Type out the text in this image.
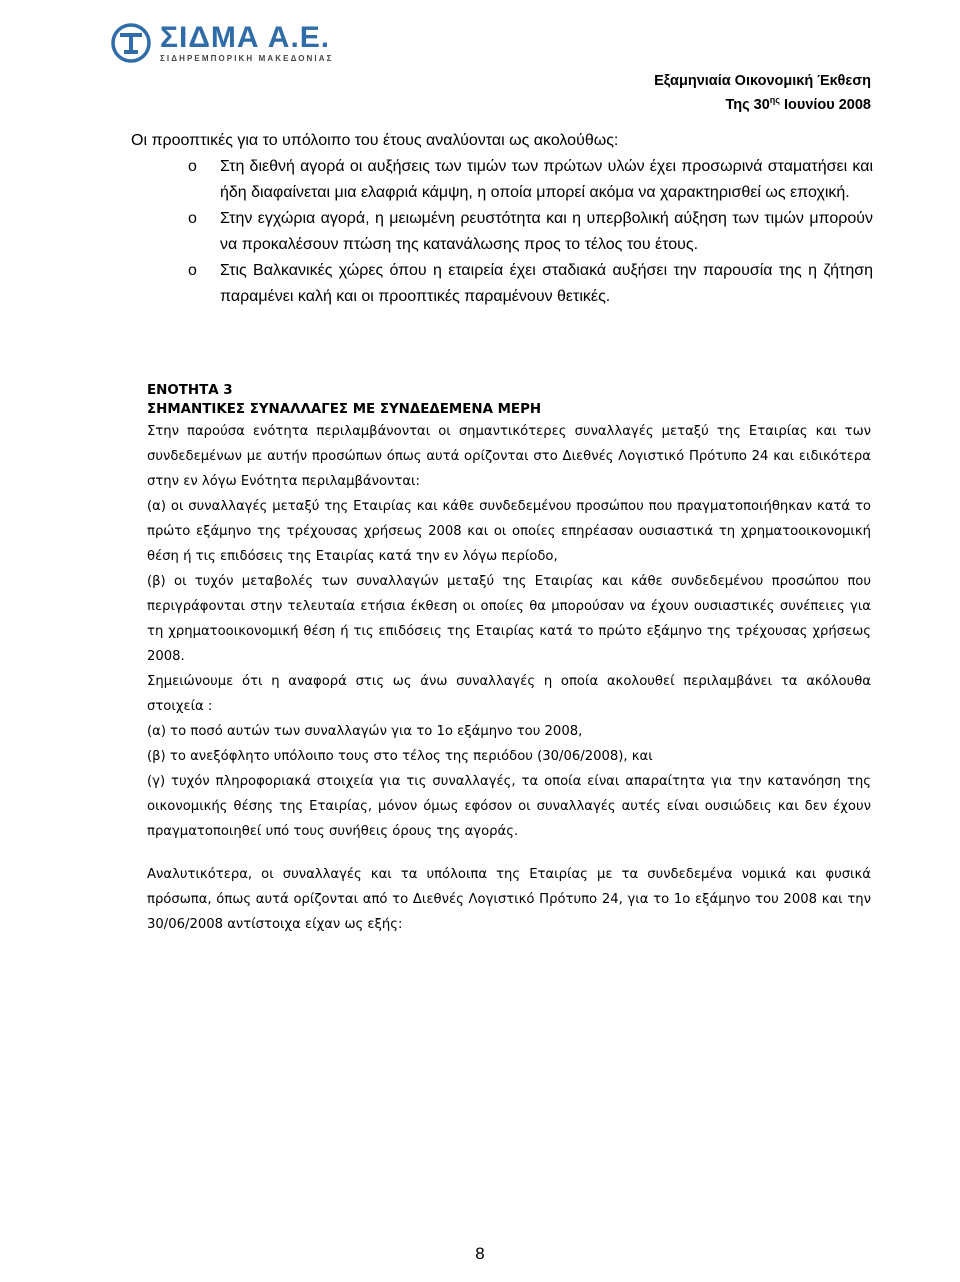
ΣΙΔΜΑ Α.Ε.
ΣΙΔΗΡΕΜΠΟΡΙΚΗ ΜΑΚΕΔΟΝΙΑΣ
Εξαμηνιαία Οικονομική Έκθεση
Της $30^{\eta\varsigma}$ Ιουνίου 2008
Οι προοπτικές για το υπόλοιπο του έτους αναλύονται ως ακολούθως:
o Στη διεθνή αγορά οι αυξήσεις των τιμών των πρώτων υλών έχει προσωρινά σταματήσει και ήδη διαφαίνεται μια ελαφριά κάμψη, η οποία μπορεί ακόμα να χαρακτηρισθεί ως εποχική.
o Στην εγχώρια αγορά, η μειωμένη ρευστότητα και η υπερβολική αύξηση των τιμών μπορούν να προκαλέσουν πτώση της κατανάλωσης προς το τέλος του έτους.
o Στις Βαλκανικές χώρες όπου η εταιρεία έχει σταδιακά αυξήσει την παρουσία της η ζήτηση παραμένει καλή και οι προοπτικές παραμένουν θετικές.
ΕΝΟΤΗΤΑ 3
ΣΗΜΑΝΤΙΚΕΣ ΣΥΝΑΛΛΑΓΕΣ ΜΕ ΣΥΝΔΕΔΕΜΕΝΑ ΜΕΡΗ

Στην παρούσα ενότητα περιλαμβάνονται οι σημαντικότερες συναλλαγές μεταξύ της Εταιρίας και των συνδεδεμένων με αυτήν προσώπων όπως αυτά ορίζονται στο Διεθνές Λογιστικό Πρότυπο 24 και ειδικότερα στην εν λόγω Ενότητα περιλαμβάνονται:

(α) οι συναλλαγές μεταξύ της Εταιρίας και κάθε συνδεδεμένου προσώπου που πραγματοποιήθηκαν κατά το πρώτο εξάμηνο της τρέχουσας χρήσεως 2008 και οι οποίες επηρέασαν ουσιαστικά τη χρηματοοικονομική θέση ή τις επιδόσεις της Εταιρίας κατά την εν λόγω περίοδο,

(β) οι τυχόν μεταβολές των συναλλαγών μεταξύ της Εταιρίας και κάθε συνδεδεμένου προσώπου που περιγράφονται στην τελευταία ετήσια έκθεση οι οποίες θα μπορούσαν να έχουν ουσιαστικές συνέπειες για τη χρηματοοικονομική θέση ή τις επιδόσεις της Εταιρίας κατά το πρώτο εξάμηνο της τρέχουσας χρήσεως 2008.

Σημειώνουμε ότι η αναφορά στις ως άνω συναλλαγές η οποία ακολουθεί περιλαμβάνει τα ακόλουθα στοιχεία :

(α) το ποσό αυτών των συναλλαγών για το 1ο εξάμηνο του 2008,

(β) το ανεξόφλητο υπόλοιπο τους στο τέλος της περιόδου (30/06/2008), και

(γ) τυχόν πληροφοριακά στοιχεία για τις συναλλαγές, τα οποία είναι απαραίτητα για την κατανόηση της οικονομικής θέσης της Εταιρίας, μόνον όμως εφόσον οι συναλλαγές αυτές είναι ουσιώδεις και δεν έχουν πραγματοποιηθεί υπό τους συνήθεις όρους της αγοράς.

Αναλυτικότερα, οι συναλλαγές και τα υπόλοιπα της Εταιρίας με τα συνδεδεμένα νομικά και φυσικά πρόσωπα, όπως αυτά ορίζονται από το Διεθνές Λογιστικό Πρότυπο 24, για το 1ο εξάμηνο του 2008 και την 30/06/2008 αντίστοιχα είχαν ως εξής:

8
